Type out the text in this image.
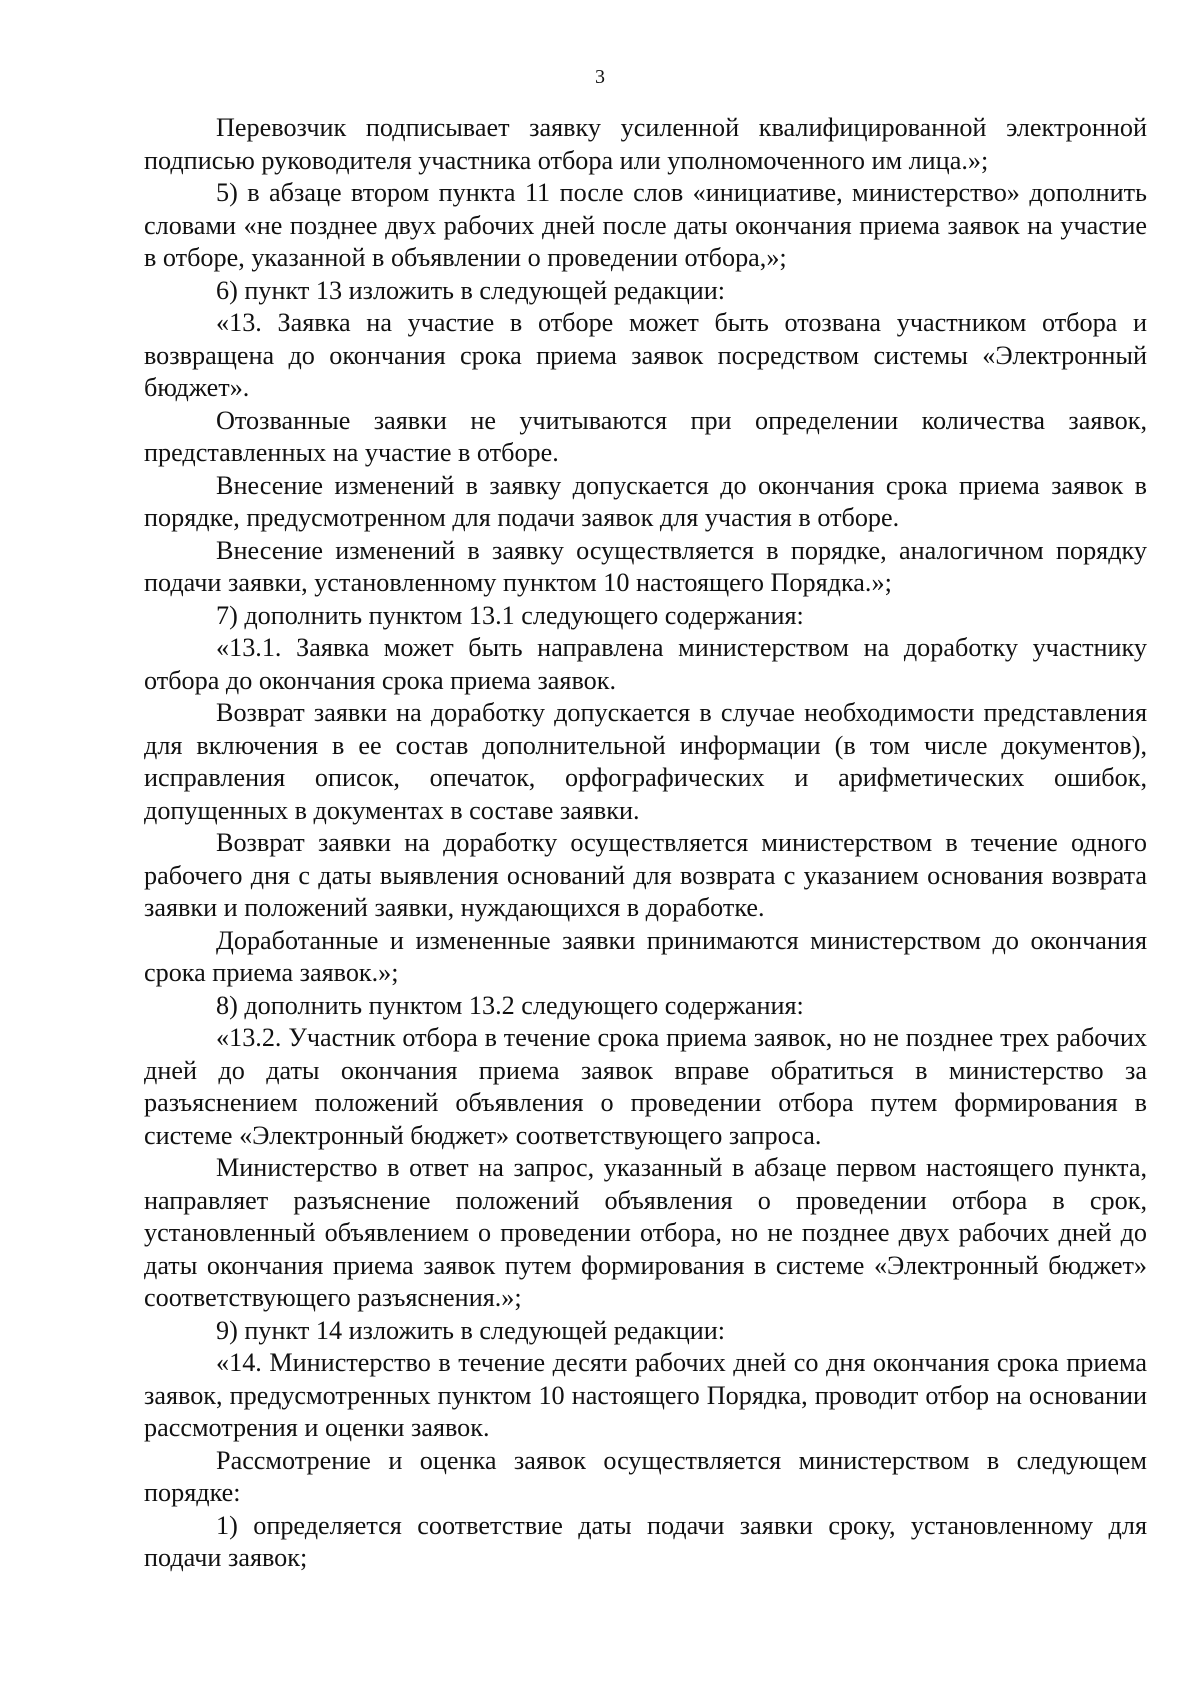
3

Перевозчик подписывает заявку усиленной квалифицированной электронной подписью руководителя участника отбора или уполномоченного им лица.»;

5) в абзаце втором пункта 11 после слов «инициативе, министерство» дополнить словами «не позднее двух рабочих дней после даты окончания приема заявок на участие в отборе, указанной в объявлении о проведении отбора,»;

6) пункт 13 изложить в следующей редакции:

«13. Заявка на участие в отборе может быть отозвана участником отбора и возвращена до окончания срока приема заявок посредством системы «Электронный бюджет».

Отозванные заявки не учитываются при определении количества заявок, представленных на участие в отборе.

Внесение изменений в заявку допускается до окончания срока приема заявок в порядке, предусмотренном для подачи заявок для участия в отборе.

Внесение изменений в заявку осуществляется в порядке, аналогичном порядку подачи заявки, установленному пунктом 10 настоящего Порядка.»;

7) дополнить пунктом 13.1 следующего содержания:

«13.1. Заявка может быть направлена министерством на доработку участнику отбора до окончания срока приема заявок.

Возврат заявки на доработку допускается в случае необходимости представления для включения в ее состав дополнительной информации (в том числе документов), исправления описок, опечаток, орфографических и арифметических ошибок, допущенных в документах в составе заявки.

Возврат заявки на доработку осуществляется министерством в течение одного рабочего дня с даты выявления оснований для возврата с указанием основания возврата заявки и положений заявки, нуждающихся в доработке.

Доработанные и измененные заявки принимаются министерством до окончания срока приема заявок.»;

8) дополнить пунктом 13.2 следующего содержания:

«13.2. Участник отбора в течение срока приема заявок, но не позднее трех рабочих дней до даты окончания приема заявок вправе обратиться в министерство за разъяснением положений объявления о проведении отбора путем формирования в системе «Электронный бюджет» соответствующего запроса.

Министерство в ответ на запрос, указанный в абзаце первом настоящего пункта, направляет разъяснение положений объявления о проведении отбора в срок, установленный объявлением о проведении отбора, но не позднее двух рабочих дней до даты окончания приема заявок путем формирования в системе «Электронный бюджет» соответствующего разъяснения.»;

9) пункт 14 изложить в следующей редакции:

«14. Министерство в течение десяти рабочих дней со дня окончания срока приема заявок, предусмотренных пунктом 10 настоящего Порядка, проводит отбор на основании рассмотрения и оценки заявок.

Рассмотрение и оценка заявок осуществляется министерством в следующем порядке:

1) определяется соответствие даты подачи заявки сроку, установленному для подачи заявок;
